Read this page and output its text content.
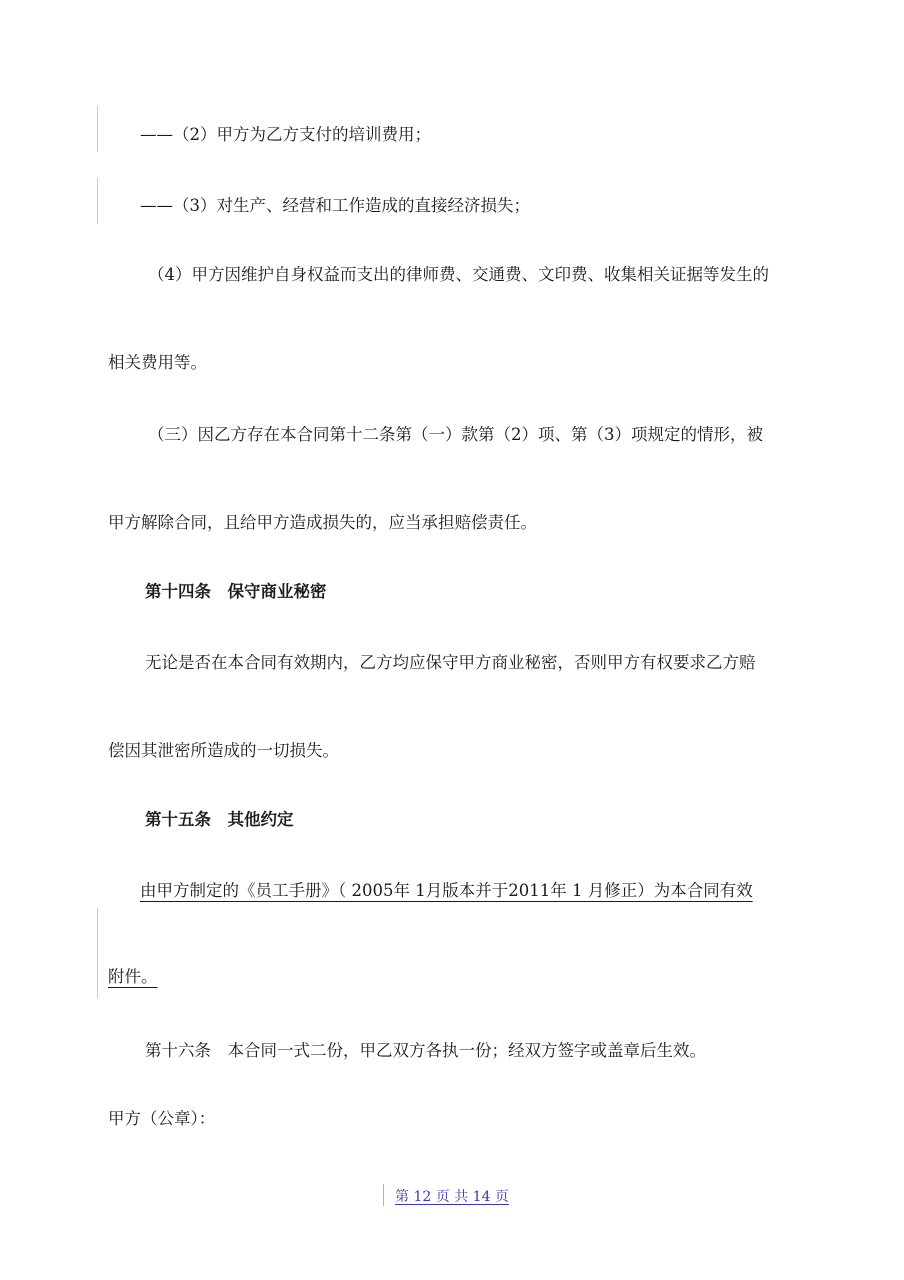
——（2）甲方为乙方支付的培训费用；

——（3）对生产、经营和工作造成的直接经济损失；

（4）甲方因维护自身权益而支出的律师费、交通费、文印费、收集相关证据等发生的

相关费用等。

（三）因乙方存在本合同第十二条第（一）款第（2）项、第（3）项规定的情形，被

甲方解除合同，且给甲方造成损失的，应当承担赔偿责任。

第十四条　保守商业秘密

无论是否在本合同有效期内，乙方均应保守甲方商业秘密，否则甲方有权要求乙方赔

偿因其泄密所造成的一切损失。

第十五条　其他约定

由甲方制定的《员工手册》（ 2005年 1月版本并于2011年 1 月修正）为本合同有效

附件。

第十六条　本合同一式二份，甲乙双方各执一份；经双方签字或盖章后生效。

甲方（公章）：

第 12 页 共 14 页
